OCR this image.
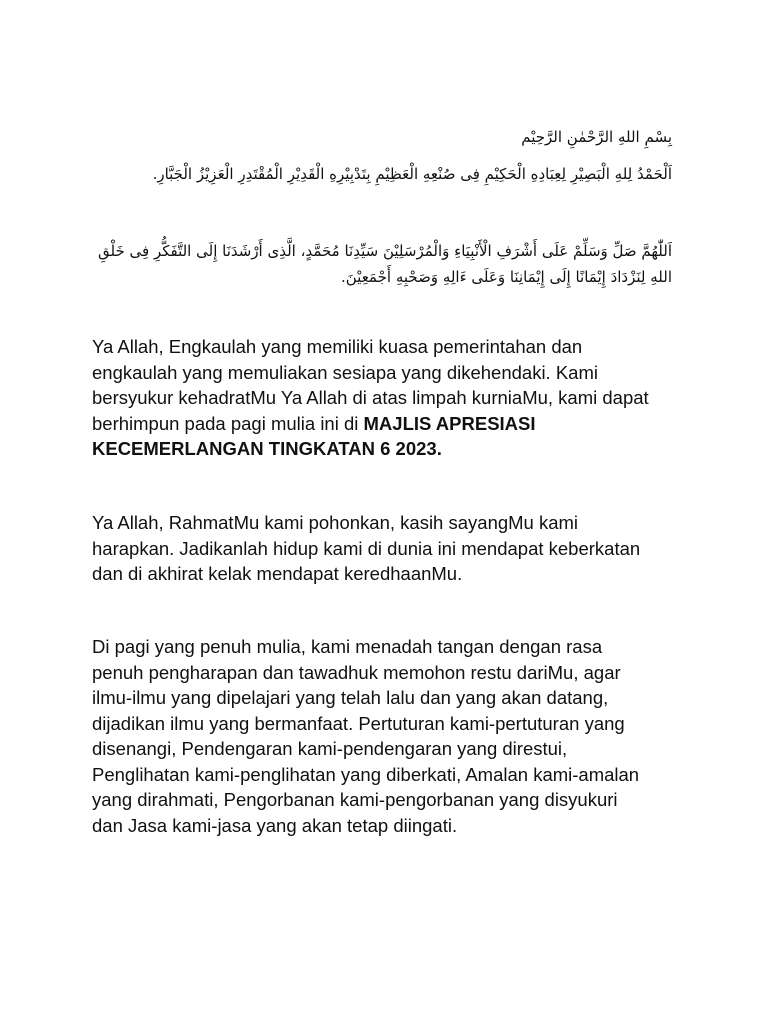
بِسْمِ اللهِ الرَّحْمٰنِ الرَّحِيْم
اَلْحَمْدُ لِلهِ الْبَصِيْرِ لِعِبَادِهِ الْحَكِيْمِ فِى صُنْعِهِ الْعَظِيْمِ بِتَدْبِيْرِهِ الْقَدِيْرِ الْمُقْتَدِرِ الْعَزِيْزُ الْجَبَّارِ.
اَللّٰهُمَّ صَلِّ وَسَلِّمْ عَلَى أَشْرَفِ الْأَنْبِيَاءِ وَالْمُرْسَلِيْنَ سَيِّدِنَا مُحَمَّدٍ، الَّذِى أَرْشَدَنَا إِلَى التَّفَكُّرِ فِى خَلْقِ اللهِ لِنَزْدَادَ إِيْمَانًا إِلَى إِيْمَانِنَا وَعَلَى ءَالِهِ وَصَحْبِهِ أَجْمَعِيْنَ.

Ya Allah, Engkaulah yang memiliki kuasa pemerintahan dan engkaulah yang memuliakan sesiapa yang dikehendaki. Kami bersyukur kehadratMu Ya Allah di atas limpah kurniaMu, kami dapat berhimpun pada pagi mulia ini di MAJLIS APRESIASI KECEMERLANGAN TINGKATAN 6 2023.

Ya Allah, RahmatMu kami pohonkan, kasih sayangMu kami harapkan. Jadikanlah hidup kami di dunia ini mendapat keberkatan dan di akhirat kelak mendapat keredhaanMu.

Di pagi yang penuh mulia, kami menadah tangan dengan rasa penuh pengharapan dan tawadhuk memohon restu dariMu, agar ilmu-ilmu yang dipelajari yang telah lalu dan yang akan datang, dijadikan ilmu yang bermanfaat. Pertuturan kami-pertuturan yang disenangi, Pendengaran kami-pendengaran yang direstui, Penglihatan kami-penglihatan yang diberkati, Amalan kami-amalan yang dirahmati, Pengorbanan kami-pengorbanan yang disyukuri dan Jasa kami-jasa yang akan tetap diingati.
